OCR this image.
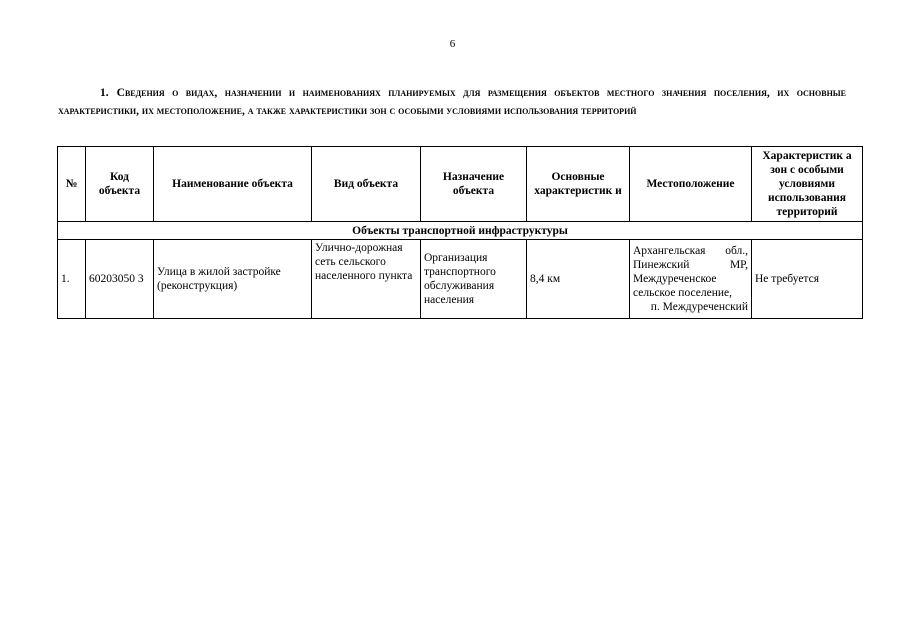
6
1. Сведения о видах, назначении и наименованиях планируемых для размещения объектов местного значения поселения, их основные характеристики, их местоположение, а также характеристики зон с особыми условиями использования территорий
№	Код объекта	Наименование объекта	Вид объекта	Назначение объекта	Основные характеристик и	Местоположение	Характеристик а зон с особыми условиями использования территорий
Объекты транспортной инфраструктуры							
1.	60203050 3	Улица в жилой застройке (реконструкция)	Улично-дорожная сеть сельского населенного пункта	Организация транспортного обслуживания населения	8,4 км	Архангельская обл.,
Пинежский МР,
Междуреченское сельское поселение,
п. Междуреченский	Не требуется
